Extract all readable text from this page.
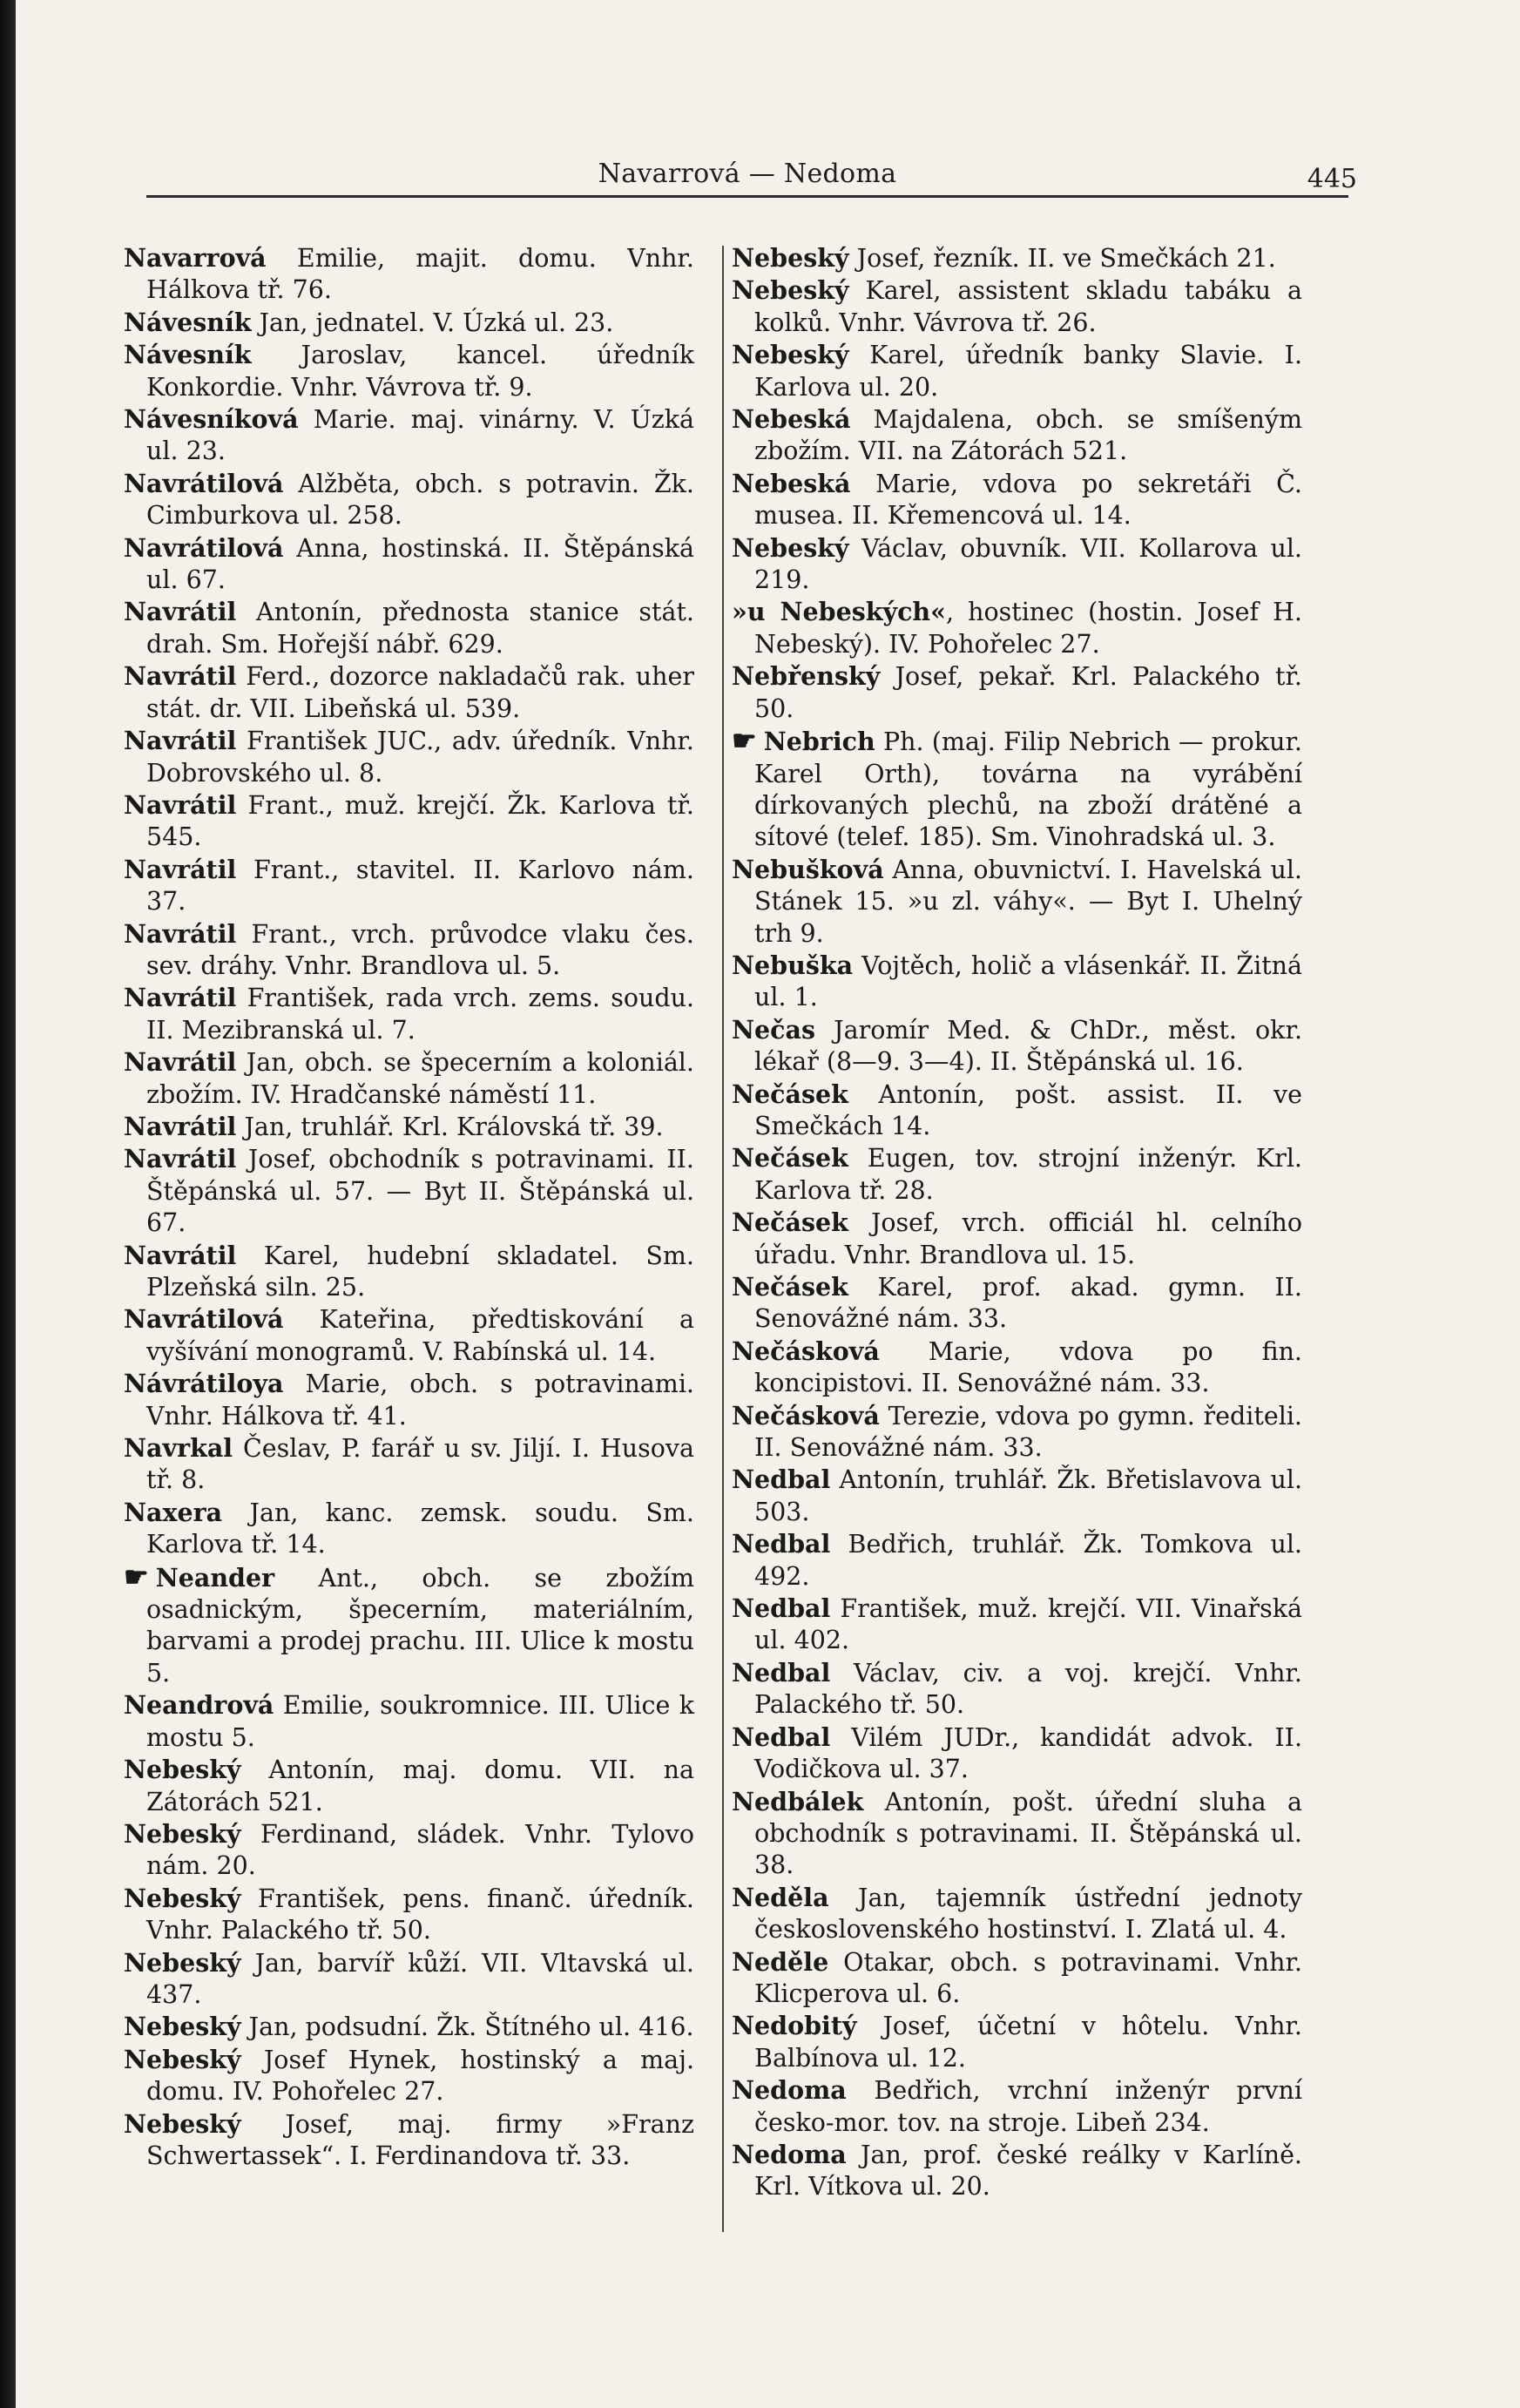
Navarrová — Nedoma	445

Navarrová Emilie, majit. domu. Vnhr. Hálkova tř. 76.

Návesník Jan, jednatel. V. Úzká ul. 23.

Návesník Jaroslav, kancel. úředník Konkordie. Vnhr. Vávrova tř. 9.

Návesníková Marie. maj. vinárny. V. Úzká ul. 23.

Navrátilová Alžběta, obch. s potravin. Žk. Cimburkova ul. 258.

Navrátilová Anna, hostinská. II. Štěpánská ul. 67.

Navrátil Antonín, přednosta stanice stát. drah. Sm. Hořejší nábř. 629.

Navrátil Ferd., dozorce nakladačů rak. uher stát. dr. VII. Libeňská ul. 539.

Navrátil František JUC., adv. úředník. Vnhr. Dobrovského ul. 8.

Navrátil Frant., muž. krejčí. Žk. Karlova tř. 545.

Navrátil Frant., stavitel. II. Karlovo nám. 37.

Navrátil Frant., vrch. průvodce vlaku čes. sev. dráhy. Vnhr. Brandlova ul. 5.

Navrátil František, rada vrch. zems. soudu. II. Mezibranská ul. 7.

Navrátil Jan, obch. se špecerním a koloniál. zbožím. IV. Hradčanské náměstí 11.

Navrátil Jan, truhlář. Krl. Královská tř. 39.

Navrátil Josef, obchodník s potravinami. II. Štěpánská ul. 57. — Byt II. Štěpánská ul. 67.

Navrátil Karel, hudební skladatel. Sm. Plzeňská siln. 25.

Navrátilová Kateřina, předtiskování a vyšívání monogramů. V. Rabínská ul. 14.

Návrátiloya Marie, obch. s potravinami. Vnhr. Hálkova tř. 41.

Navrkal Česlav, P. farář u sv. Jiljí. I. Husova tř. 8.

Naxera Jan, kanc. zemsk. soudu. Sm. Karlova tř. 14.

☛ Neander Ant., obch. se zbožím osadnickým, špecerním, materiálním, barvami a prodej prachu. III. Ulice k mostu 5.

Neandrová Emilie, soukromnice. III. Ulice k mostu 5.

Nebeský Antonín, maj. domu. VII. na Zátorách 521.

Nebeský Ferdinand, sládek. Vnhr. Tylovo nám. 20.

Nebeský František, pens. finanč. úředník. Vnhr. Palackého tř. 50.

Nebeský Jan, barvíř kůží. VII. Vltavská ul. 437.

Nebeský Jan, podsudní. Žk. Štítného ul. 416.

Nebeský Josef Hynek, hostinský a maj. domu. IV. Pohořelec 27.

Nebeský Josef, maj. firmy »Franz Schwertassek“. I. Ferdinandova tř. 33.

Nebeský Josef, řezník. II. ve Smečkách 21.

Nebeský Karel, assistent skladu tabáku a kolků. Vnhr. Vávrova tř. 26.

Nebeský Karel, úředník banky Slavie. I. Karlova ul. 20.

Nebeská Majdalena, obch. se smíšeným zbožím. VII. na Zátorách 521.

Nebeská Marie, vdova po sekretáři Č. musea. II. Křemencová ul. 14.

Nebeský Václav, obuvník. VII. Kollarova ul. 219.

»u Nebeských«, hostinec (hostin. Josef H. Nebeský). IV. Pohořelec 27.

Nebřenský Josef, pekař. Krl. Palackého tř. 50.

☛ Nebrich Ph. (maj. Filip Nebrich — prokur. Karel Orth), továrna na vyrábění dírkovaných plechů, na zboží drátěné a sítové (telef. 185). Sm. Vinohradská ul. 3.

Nebušková Anna, obuvnictví. I. Havelská ul. Stánek 15. »u zl. váhy«. — Byt I. Uhelný trh 9.

Nebuška Vojtěch, holič a vlásenkář. II. Žitná ul. 1.

Nečas Jaromír Med. & ChDr., měst. okr. lékař (8—9. 3—4). II. Štěpánská ul. 16.

Nečásek Antonín, pošt. assist. II. ve Smečkách 14.

Nečásek Eugen, tov. strojní inženýr. Krl. Karlova tř. 28.

Nečásek Josef, vrch. officiál hl. celního úřadu. Vnhr. Brandlova ul. 15.

Nečásek Karel, prof. akad. gymn. II. Senovážné nám. 33.

Nečásková Marie, vdova po fin. koncipistovi. II. Senovážné nám. 33.

Nečásková Terezie, vdova po gymn. řediteli. II. Senovážné nám. 33.

Nedbal Antonín, truhlář. Žk. Břetislavova ul. 503.

Nedbal Bedřich, truhlář. Žk. Tomkova ul. 492.

Nedbal František, muž. krejčí. VII. Vinařská ul. 402.

Nedbal Václav, civ. a voj. krejčí. Vnhr. Palackého tř. 50.

Nedbal Vilém JUDr., kandidát advok. II. Vodičkova ul. 37.

Nedbálek Antonín, pošt. úřední sluha a obchodník s potravinami. II. Štěpánská ul. 38.

Neděla Jan, tajemník ústřední jednoty československého hostinství. I. Zlatá ul. 4.

Neděle Otakar, obch. s potravinami. Vnhr. Klicperova ul. 6.

Nedobitý Josef, účetní v hôtelu. Vnhr. Balbínova ul. 12.

Nedoma Bedřich, vrchní inženýr první česko-mor. tov. na stroje. Libeň 234.

Nedoma Jan, prof. české reálky v Karlíně. Krl. Vítkova ul. 20.
